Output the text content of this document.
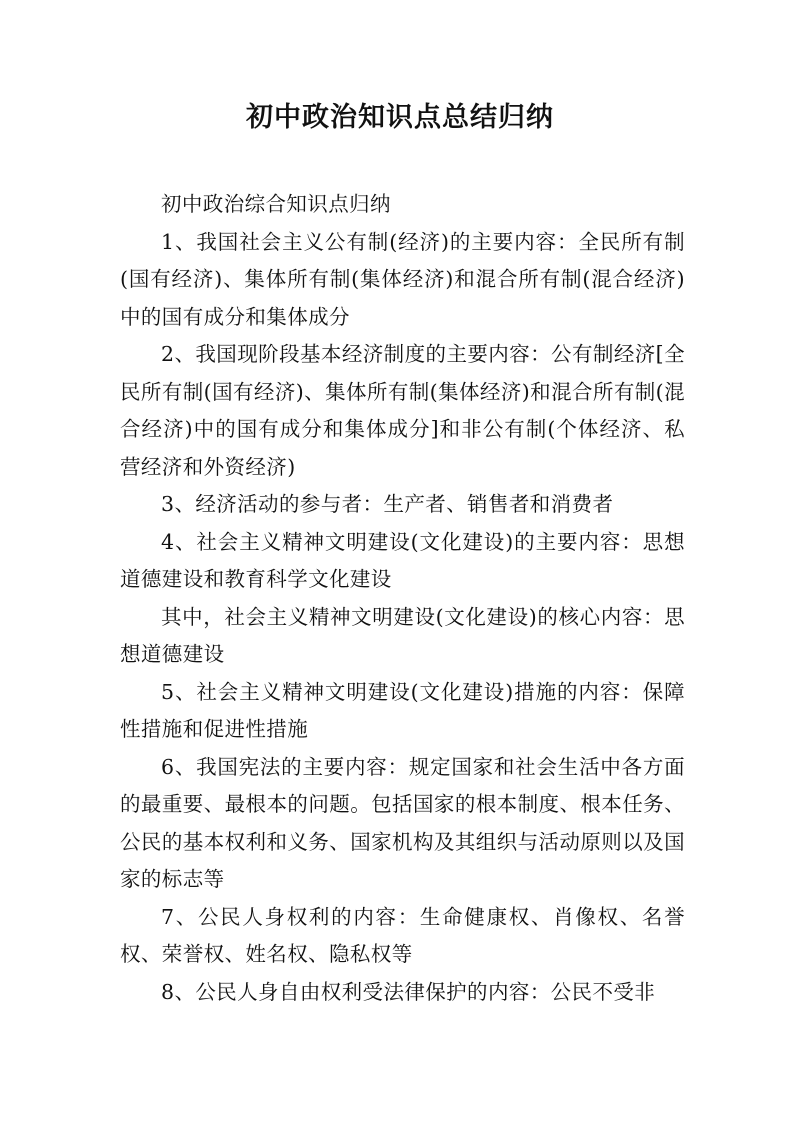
初中政治知识点总结归纳

初中政治综合知识点归纳

1、我国社会主义公有制(经济)的主要内容：全民所有制(国有经济)、集体所有制(集体经济)和混合所有制(混合经济)中的国有成分和集体成分

2、我国现阶段基本经济制度的主要内容：公有制经济[全民所有制(国有经济)、集体所有制(集体经济)和混合所有制(混合经济)中的国有成分和集体成分]和非公有制(个体经济、私营经济和外资经济)

3、经济活动的参与者：生产者、销售者和消费者

4、社会主义精神文明建设(文化建设)的主要内容：思想道德建设和教育科学文化建设

其中，社会主义精神文明建设(文化建设)的核心内容：思想道德建设

5、社会主义精神文明建设(文化建设)措施的内容：保障性措施和促进性措施

6、我国宪法的主要内容：规定国家和社会生活中各方面的最重要、最根本的问题。包括国家的根本制度、根本任务、公民的基本权利和义务、国家机构及其组织与活动原则以及国家的标志等

7、公民人身权利的内容：生命健康权、肖像权、名誉权、荣誉权、姓名权、隐私权等

8、公民人身自由权利受法律保护的内容：公民不受非
